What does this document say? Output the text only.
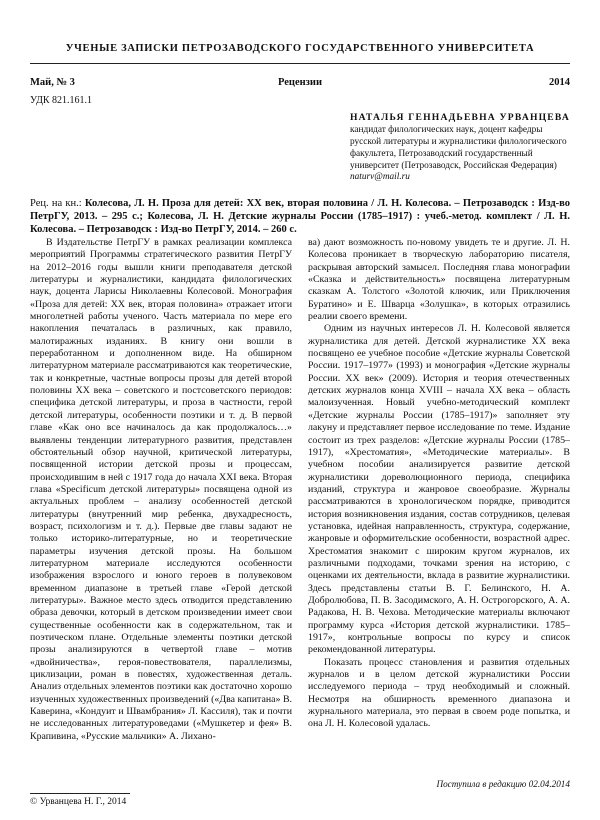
УЧЕНЫЕ ЗАПИСКИ ПЕТРОЗАВОДСКОГО ГОСУДАРСТВЕННОГО УНИВЕРСИТЕТА
Май, № 3	Рецензии	2014
УДК 821.161.1
НАТАЛЬЯ ГЕННАДЬЕВНА УРВАНЦЕВА
кандидат филологических наук, доцент кафедры русской литературы и журналистики филологического факультета, Петрозаводский государственный университет (Петрозаводск, Российская Федерация)
naturv@mail.ru
Рец. на кн.: Колесова, Л. Н. Проза для детей: ХХ век, вторая половина / Л. Н. Колесова. – Петрозаводск : Изд-во ПетрГУ, 2013. – 295 с.; Колесова, Л. Н. Детские журналы России (1785–1917) : учеб.-метод. комплект / Л. Н. Колесова. – Петрозаводск : Изд-во ПетрГУ, 2014. – 260 с.

В Издательстве ПетрГУ в рамках реализации комплекса мероприятий Программы стратегического развития ПетрГУ на 2012–2016 годы вышли книги преподавателя детской литературы и журналистики, кандидата филологических наук, доцента Ларисы Николаевны Колесовой. Монография «Проза для детей: ХХ век, вторая половина» отражает итоги многолетней работы ученого. Часть материала по мере его накопления печаталась в различных, как правило, малотиражных изданиях. В книгу они вошли в переработанном и дополненном виде. На обширном литературном материале рассматриваются как теоретические, так и конкретные, частные вопросы прозы для детей второй половины ХХ века – советского и постсоветского периодов: специфика детской литературы, и проза в частности, герой детской литературы, особенности поэтики и т. д. В первой главе «Как оно все начиналось да как продолжалось…» выявлены тенденции литературного развития, представлен обстоятельный обзор научной, критической литературы, посвященной истории детской прозы и процессам, происходившим в ней с 1917 года до начала ХХI века. Вторая глава «Specificum детской литературы» посвящена одной из актуальных проблем – анализу особенностей детской литературы (внутренний мир ребенка, двухадресность, возраст, психологизм и т. д.). Первые две главы задают не только историко-литературные, но и теоретические параметры изучения детской прозы. На большом литературном материале исследуются особенности изображения взрослого и юного героев в полувековом временном диапазоне в третьей главе «Герой детской литературы». Важное место здесь отводится представлению образа девочки, который в детском произведении имеет свои существенные особенности как в содержательном, так и поэтическом плане. Отдельные элементы поэтики детской прозы анализируются в четвертой главе – мотив «двойничества», героя-повествователя, параллелизмы, циклизации, роман в повестях, художественная деталь. Анализ отдельных элементов поэтики как достаточно хорошо изученных художественных произведений («Два капитана» В. Каверина, «Кондуит и Швамбрания» Л. Кассиля), так и почти не исследованных литературоведами («Мушкетер и фея» В. Крапивина, «Русские мальчики» А. Лихано-

ва) дают возможность по-новому увидеть те и другие. Л. Н. Колесова проникает в творческую лабораторию писателя, раскрывая авторский замысел. Последняя глава монографии «Сказка и действительность» посвящена литературным сказкам А. Толстого «Золотой ключик, или Приключения Буратино» и Е. Шварца «Золушка», в которых отразились реалии своего времени.

Одним из научных интересов Л. Н. Колесовой является журналистика для детей. Детской журналистике ХХ века посвящено ее учебное пособие «Детские журналы Советской России. 1917–1977» (1993) и монография «Детские журналы России. ХХ век» (2009). История и теория отечественных детских журналов конца XVIII – начала ХХ века – область малоизученная. Новый учебно-методический комплект «Детские журналы России (1785–1917)» заполняет эту лакуну и представляет первое исследование по теме. Издание состоит из трех разделов: «Детские журналы России (1785–1917), «Хрестоматия», «Методические материалы». В учебном пособии анализируется развитие детской журналистики дореволюционного периода, специфика изданий, структура и жанровое своеобразие. Журналы рассматриваются в хронологическом порядке, приводится история возникновения издания, состав сотрудников, целевая установка, идейная направленность, структура, содержание, жанровые и оформительские особенности, возрастной адрес. Хрестоматия знакомит с широким кругом журналов, их различными подходами, точками зрения на историю, с оценками их деятельности, вклада в развитие журналистики. Здесь представлены статьи В. Г. Белинского, Н. А. Добролюбова, П. В. Засодимского, А. Н. Острогорского, А. А. Радакова, Н. В. Чехова. Методические материалы включают программу курса «История детской журналистики. 1785–1917», контрольные вопросы по курсу и список рекомендованной литературы.

Показать процесс становления и развития отдельных журналов и в целом детской журналистики России исследуемого периода – труд необходимый и сложный. Несмотря на обширность временного диапазона и журнального материала, это первая в своем роде попытка, и она Л. Н. Колесовой удалась.

Поступила в редакцию 02.04.2014
© Урванцева Н. Г., 2014
